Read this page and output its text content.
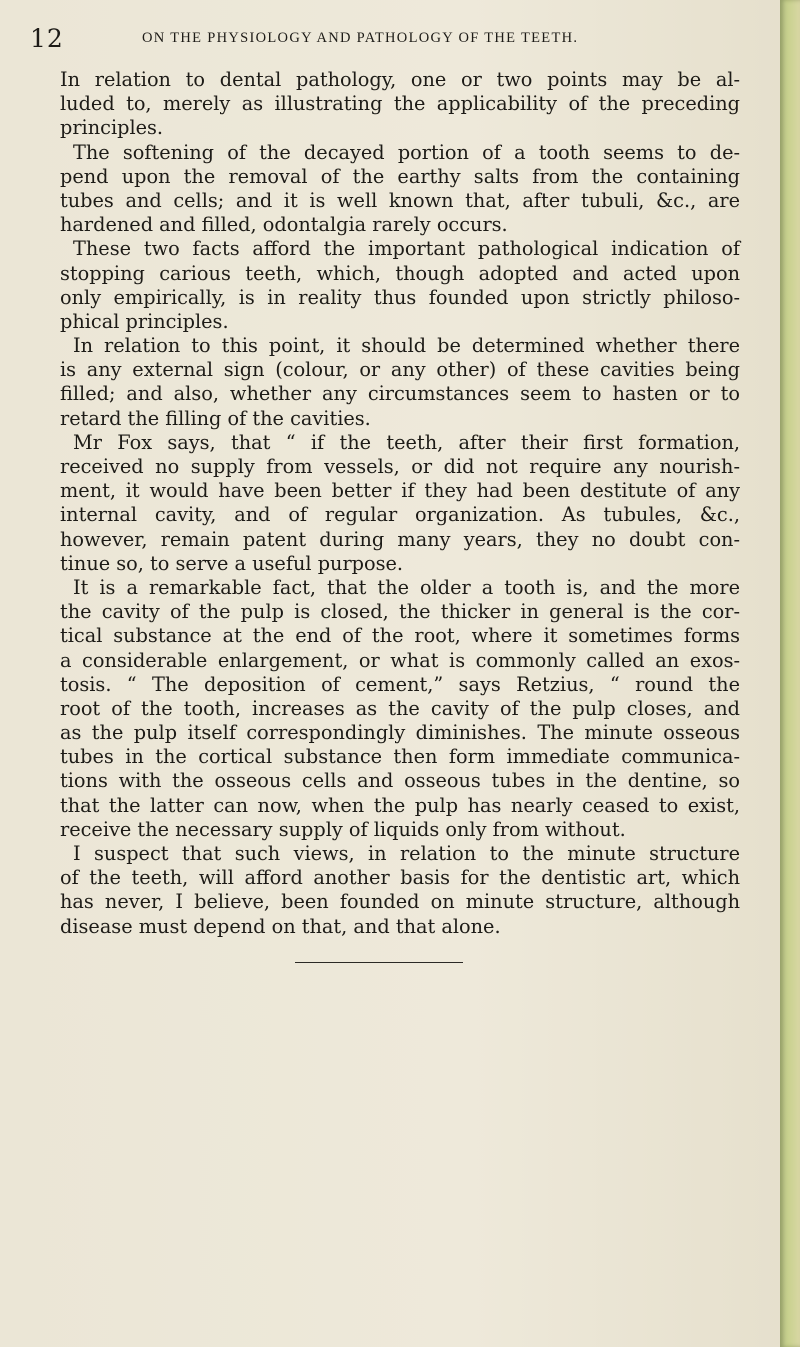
12	ON THE PHYSIOLOGY AND PATHOLOGY OF THE TEETH.
In relation to dental pathology, one or two points may be al-
luded to, merely as illustrating the applicability of the preceding
principles.
The softening of the decayed portion of a tooth seems to de-
pend upon the removal of the earthy salts from the containing
tubes and cells; and it is well known that, after tubuli, &c., are
hardened and filled, odontalgia rarely occurs.
These two facts afford the important pathological indication of
stopping carious teeth, which, though adopted and acted upon
only empirically, is in reality thus founded upon strictly philoso-
phical principles.
In relation to this point, it should be determined whether there
is any external sign (colour, or any other) of these cavities being
filled; and also, whether any circumstances seem to hasten or to
retard the filling of the cavities.
Mr Fox says, that “ if the teeth, after their first formation,
received no supply from vessels, or did not require any nourish-
ment, it would have been better if they had been destitute of any
internal cavity, and of regular organization. As tubules, &c.,
however, remain patent during many years, they no doubt con-
tinue so, to serve a useful purpose.
It is a remarkable fact, that the older a tooth is, and the more
the cavity of the pulp is closed, the thicker in general is the cor-
tical substance at the end of the root, where it sometimes forms
a considerable enlargement, or what is commonly called an exos-
tosis. “ The deposition of cement,” says Retzius, “ round the
root of the tooth, increases as the cavity of the pulp closes, and
as the pulp itself correspondingly diminishes. The minute osseous
tubes in the cortical substance then form immediate communica-
tions with the osseous cells and osseous tubes in the dentine, so
that the latter can now, when the pulp has nearly ceased to exist,
receive the necessary supply of liquids only from without.
I suspect that such views, in relation to the minute structure
of the teeth, will afford another basis for the dentistic art, which
has never, I believe, been founded on minute structure, although
disease must depend on that, and that alone.
